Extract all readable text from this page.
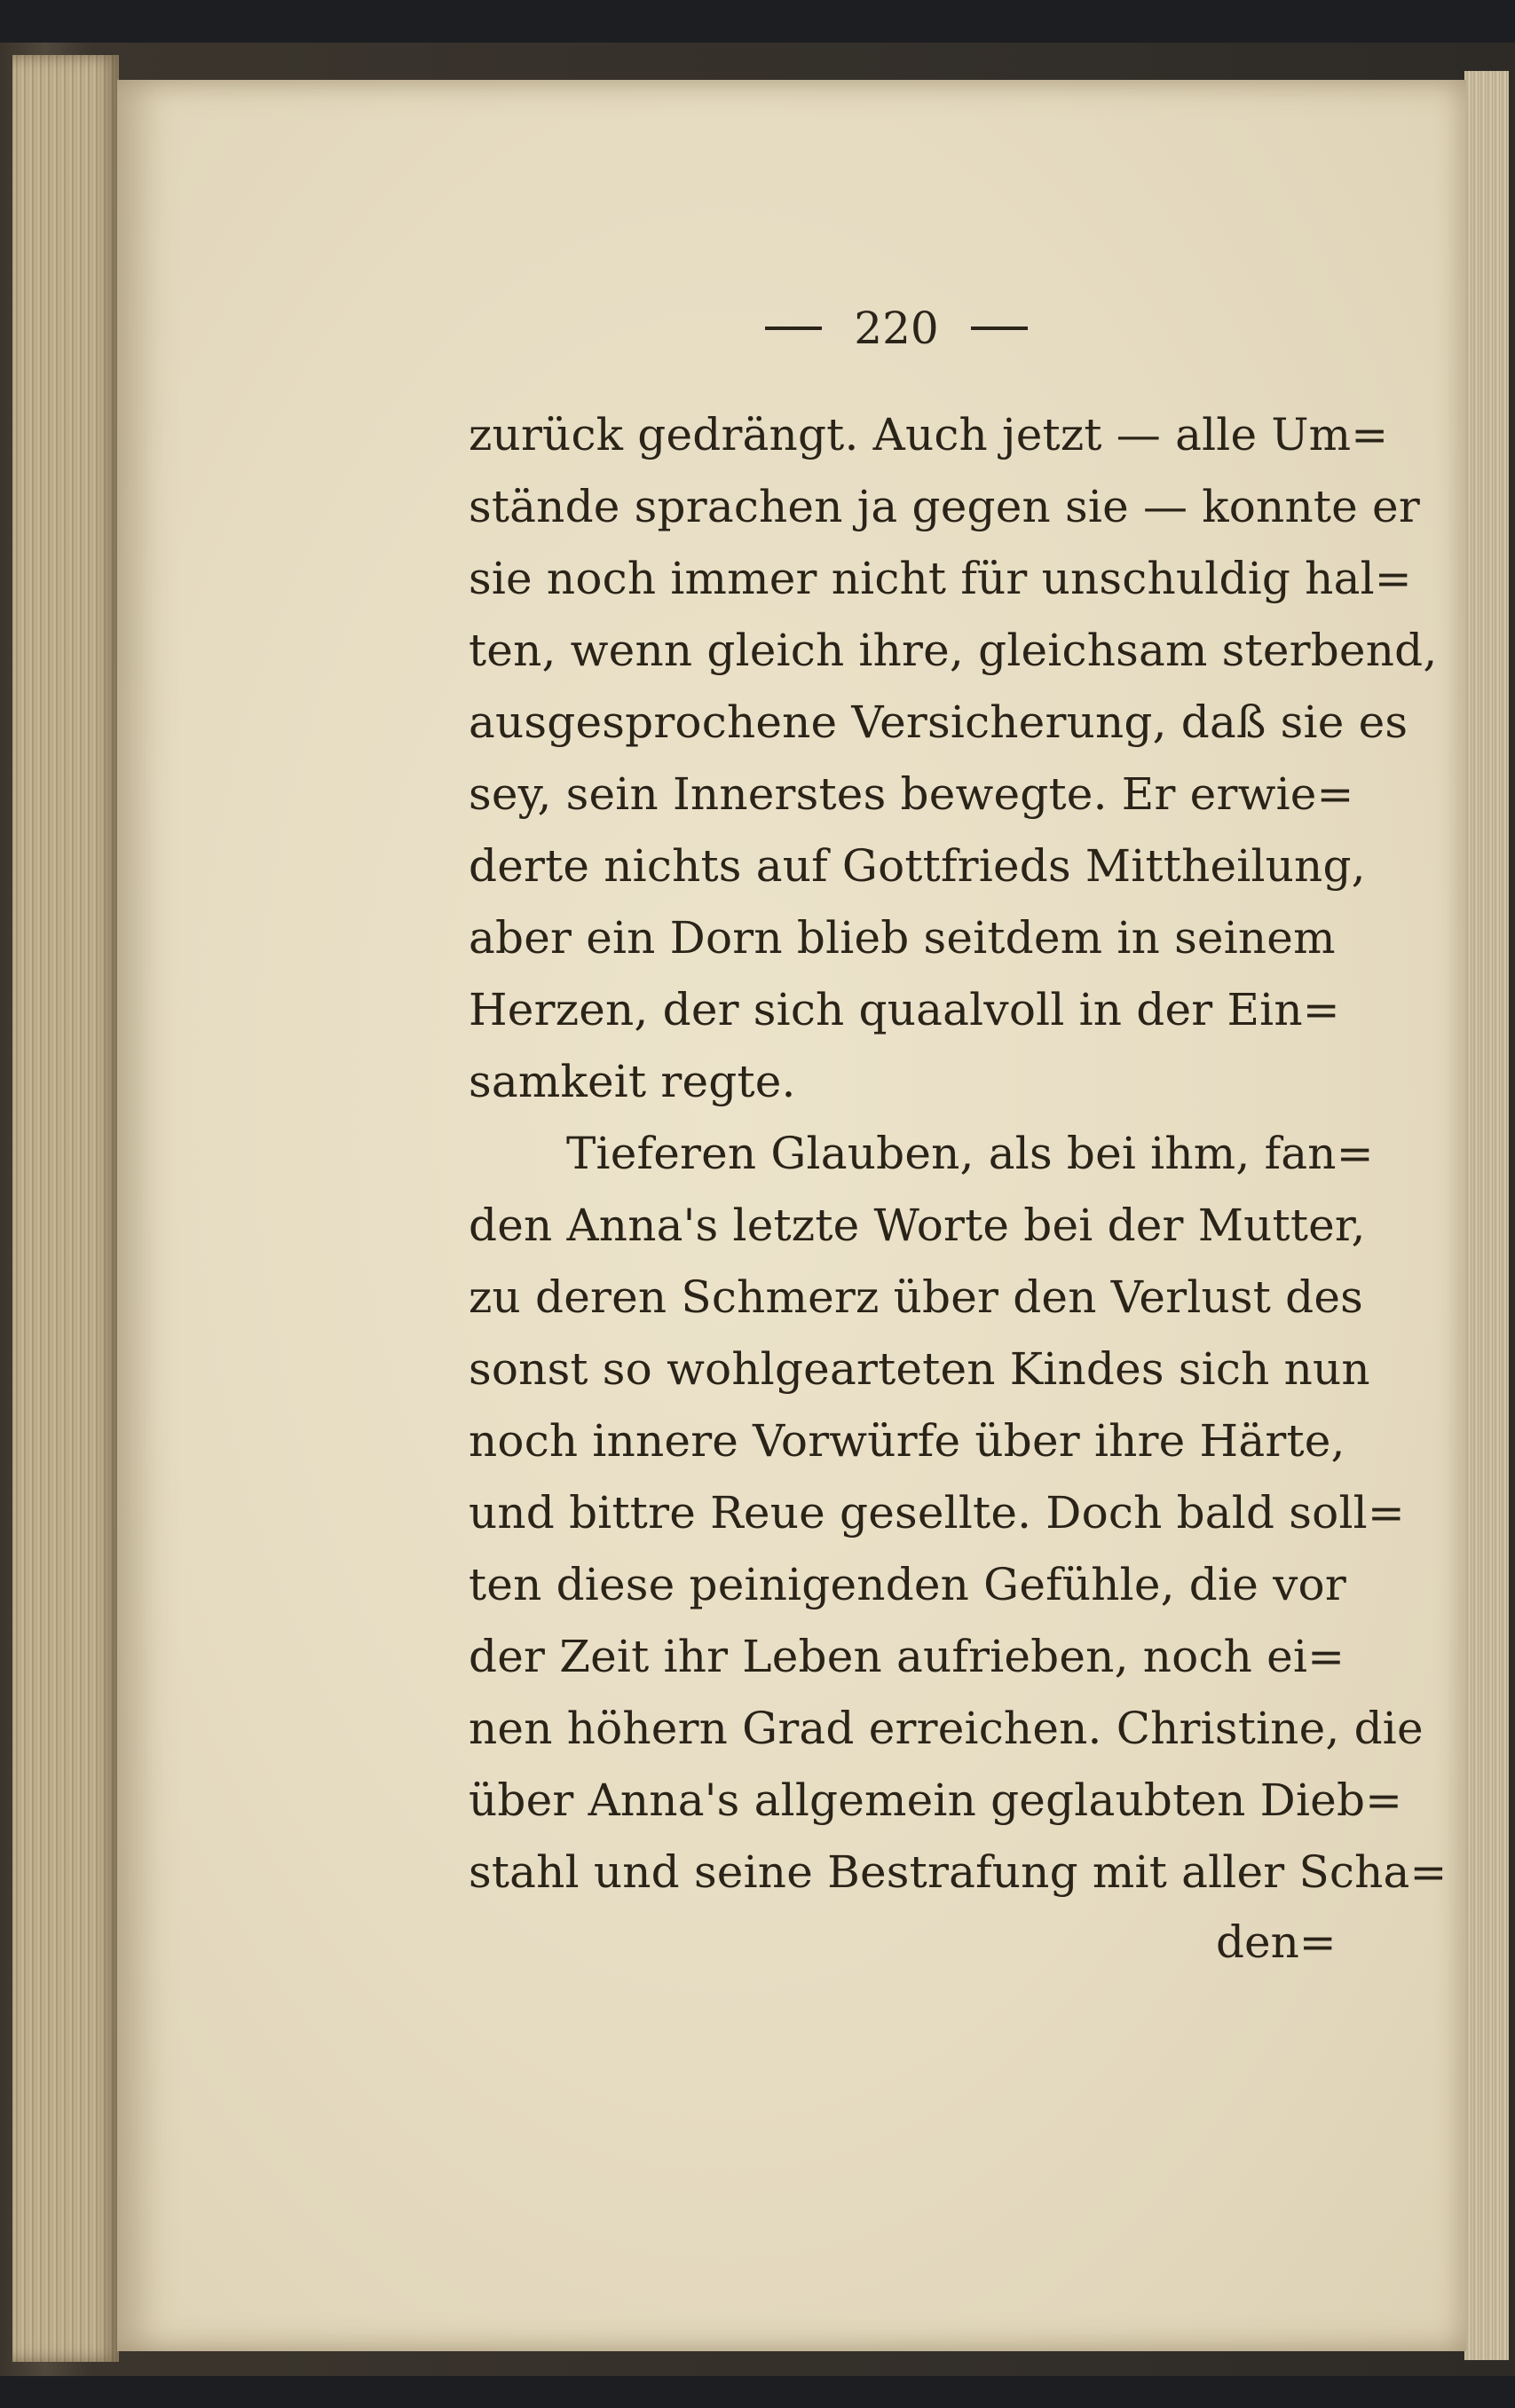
220
zurück gedrängt. Auch jetzt — alle Um=
stände sprachen ja gegen sie — konnte er
sie noch immer nicht für unschuldig hal=
ten, wenn gleich ihre, gleichsam sterbend,
ausgesprochene Versicherung, daß sie es
sey, sein Innerstes bewegte. Er erwie=
derte nichts auf Gottfrieds Mittheilung,
aber ein Dorn blieb seitdem in seinem
Herzen, der sich quaalvoll in der Ein=
samkeit regte.
Tieferen Glauben, als bei ihm, fan=
den Anna's letzte Worte bei der Mutter,
zu deren Schmerz über den Verlust des
sonst so wohlgearteten Kindes sich nun
noch innere Vorwürfe über ihre Härte,
und bittre Reue gesellte. Doch bald soll=
ten diese peinigenden Gefühle, die vor
der Zeit ihr Leben aufrieben, noch ei=
nen höhern Grad erreichen. Christine, die
über Anna's allgemein geglaubten Dieb=
stahl und seine Bestrafung mit aller Scha=
den=
